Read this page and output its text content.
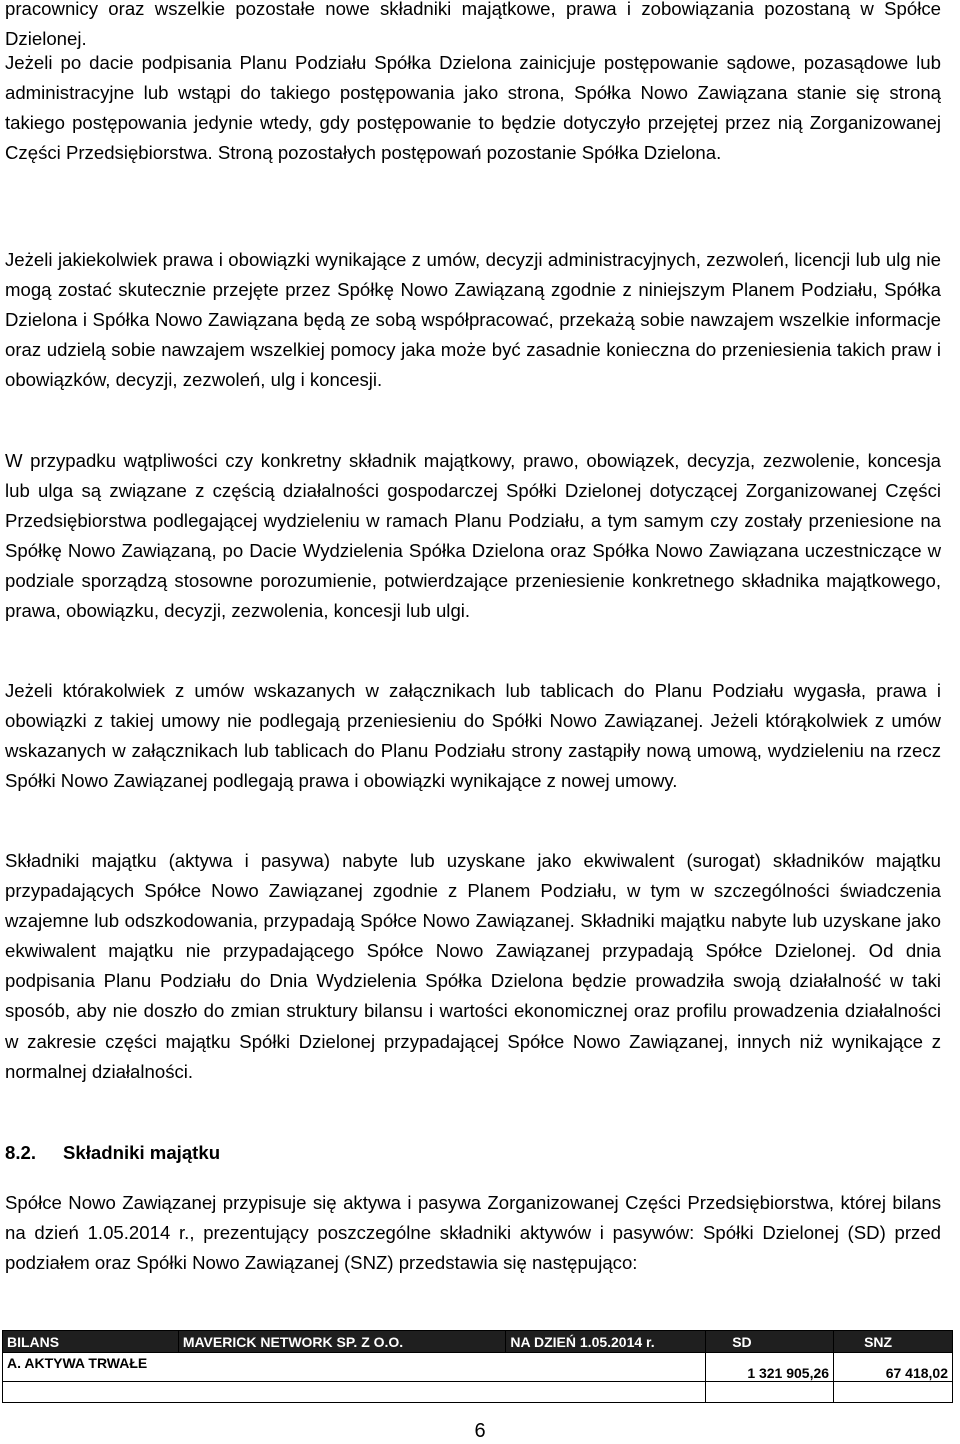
pracownicy oraz wszelkie pozostałe nowe składniki majątkowe, prawa i zobowiązania pozostaną w Spółce Dzielonej.

Jeżeli po dacie podpisania Planu Podziału Spółka Dzielona zainicjuje postępowanie sądowe, pozasądowe lub administracyjne lub wstąpi do takiego postępowania jako strona, Spółka Nowo Zawiązana stanie się stroną takiego postępowania jedynie wtedy, gdy postępowanie to będzie dotyczyło przejętej przez nią Zorganizowanej Części Przedsiębiorstwa. Stroną pozostałych postępowań pozostanie Spółka Dzielona.

Jeżeli jakiekolwiek prawa i obowiązki wynikające z umów, decyzji administracyjnych, zezwoleń, licencji lub ulg nie mogą zostać skutecznie przejęte przez Spółkę Nowo Zawiązaną zgodnie z niniejszym Planem Podziału, Spółka Dzielona i Spółka Nowo Zawiązana będą ze sobą współpracować, przekażą sobie nawzajem wszelkie informacje oraz udzielą sobie nawzajem wszelkiej pomocy jaka może być zasadnie konieczna do przeniesienia takich praw i obowiązków, decyzji, zezwoleń, ulg i koncesji.

W przypadku wątpliwości czy konkretny składnik majątkowy, prawo, obowiązek, decyzja, zezwolenie, koncesja lub ulga są związane z częścią działalności gospodarczej Spółki Dzielonej dotyczącej Zorganizowanej Części Przedsiębiorstwa podlegającej wydzieleniu w ramach Planu Podziału, a tym samym czy zostały przeniesione na Spółkę Nowo Zawiązaną, po Dacie Wydzielenia Spółka Dzielona oraz Spółka Nowo Zawiązana uczestniczące w podziale sporządzą stosowne porozumienie, potwierdzające przeniesienie konkretnego składnika majątkowego, prawa, obowiązku, decyzji, zezwolenia, koncesji lub ulgi.

Jeżeli którakolwiek z umów wskazanych w załącznikach lub tablicach do Planu Podziału wygasła, prawa i obowiązki z takiej umowy nie podlegają przeniesieniu do Spółki Nowo Zawiązanej. Jeżeli którąkolwiek z umów wskazanych w załącznikach lub tablicach do Planu Podziału strony zastąpiły nową umową, wydzieleniu na rzecz Spółki Nowo Zawiązanej podlegają prawa i obowiązki wynikające z nowej umowy.

Składniki majątku (aktywa i pasywa) nabyte lub uzyskane jako ekwiwalent (surogat) składników majątku przypadających Spółce Nowo Zawiązanej zgodnie z Planem Podziału, w tym w szczególności świadczenia wzajemne lub odszkodowania, przypadają Spółce Nowo Zawiązanej. Składniki majątku nabyte lub uzyskane jako ekwiwalent majątku nie przypadającego Spółce Nowo Zawiązanej przypadają Spółce Dzielonej. Od dnia podpisania Planu Podziału do Dnia Wydzielenia Spółka Dzielona będzie prowadziła swoją działalność w taki sposób, aby nie doszło do zmian struktury bilansu i wartości ekonomicznej oraz profilu prowadzenia działalności w zakresie części majątku Spółki Dzielonej przypadającej Spółce Nowo Zawiązanej, innych niż wynikające z normalnej działalności.

8.2. Składniki majątku

Spółce Nowo Zawiązanej przypisuje się aktywa i pasywa Zorganizowanej Części Przedsiębiorstwa, której bilans na dzień 1.05.2014 r., prezentujący poszczególne składniki aktywów i pasywów: Spółki Dzielonej (SD) przed podziałem oraz Spółki Nowo Zawiązanej (SNZ) przedstawia się następująco:

BILANS	MAVERICK NETWORK SP. Z O.O.	NA DZIEŃ 1.05.2014 r.	SD	SNZ
A. AKTYWA TRWAŁE			1 321 905,26	67 418,02

6
